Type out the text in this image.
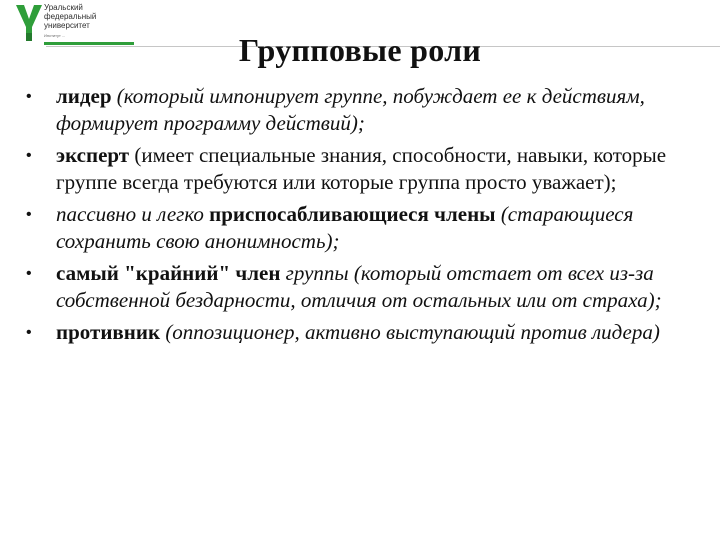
Уральский
федеральный
университет
Институт ...	Групповые роли
• лидер (который импонирует группе, побуждает ее к действиям, формирует программу действий);
• эксперт (имеет специальные знания, способности, навыки, которые группе всегда требуются или которые группа просто уважает);
• пассивно и легко приспосабливающиеся члены (старающиеся сохранить свою анонимность);
• самый "крайний" член группы (который отстает от всех из-за собственной бездарности, отличия от остальных или от страха);
• противник (оппозиционер, активно выступающий против лидера)
